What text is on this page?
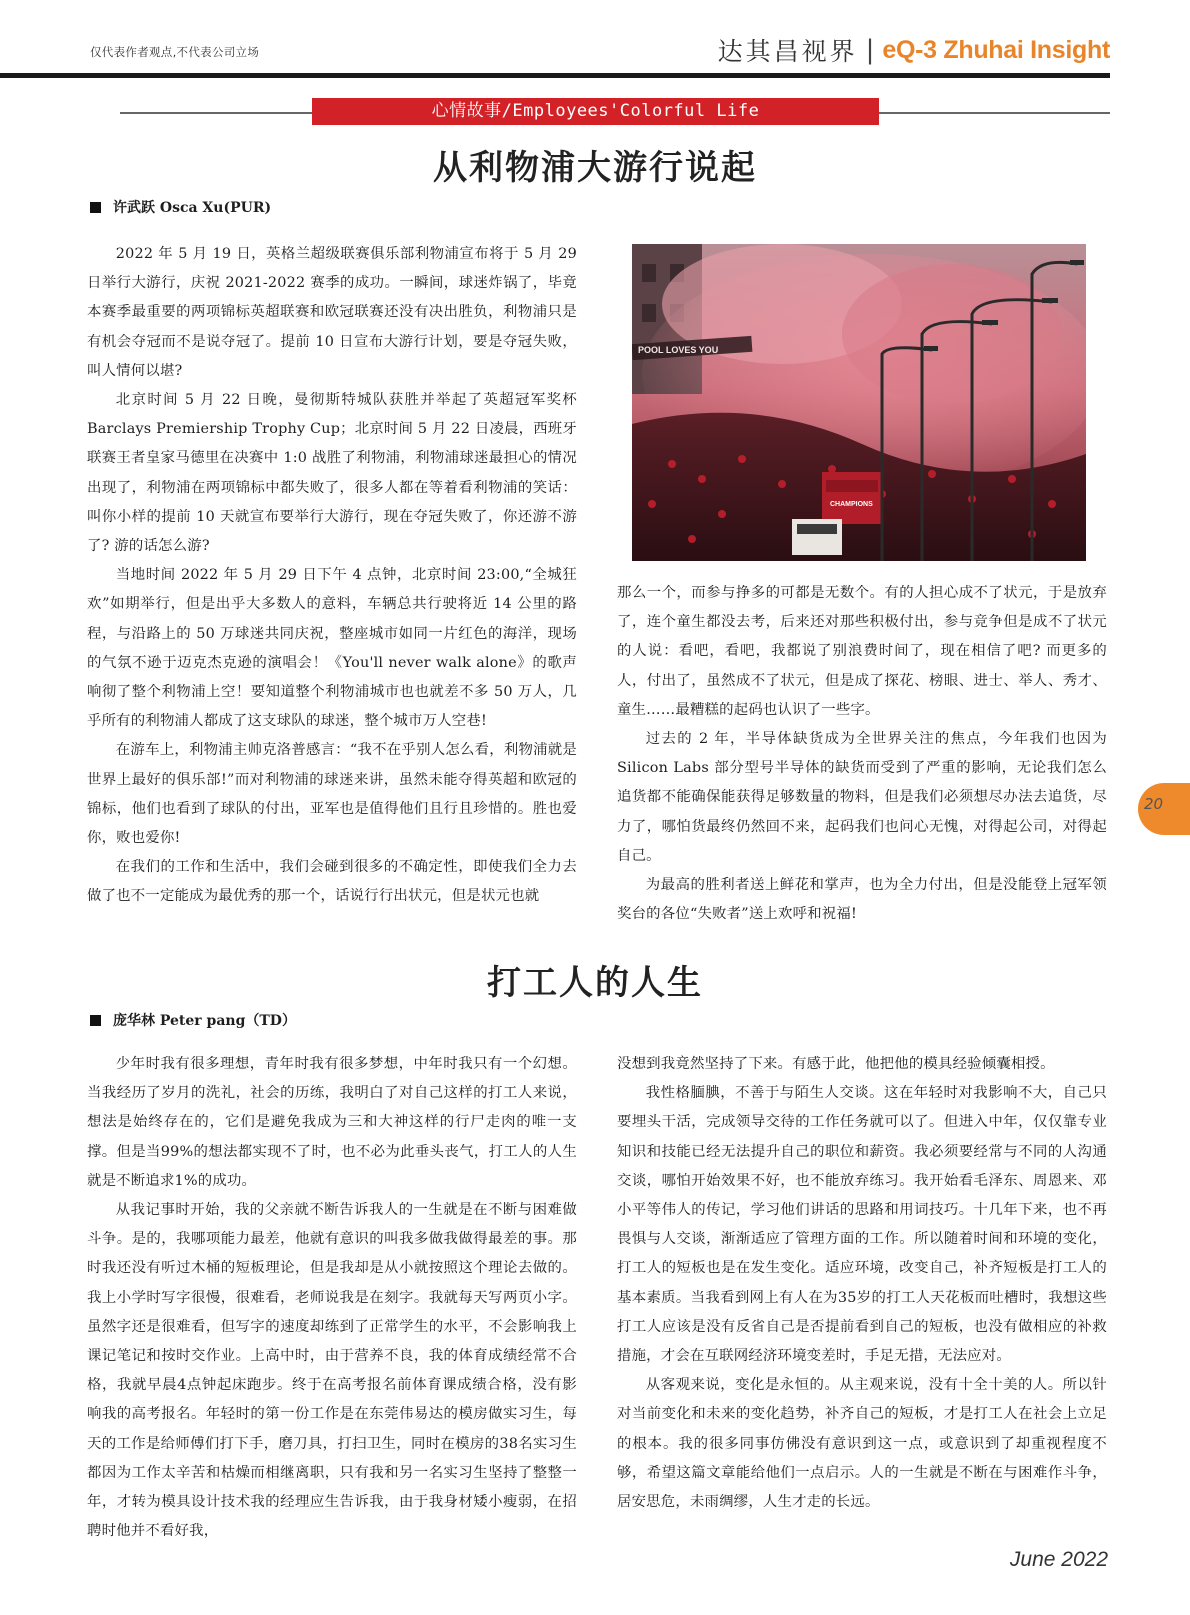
仅代表作者观点,不代表公司立场	达其昌视界 | eQ-3 Zhuhai Insight
心情故事/Employees'Colorful Life
从利物浦大游行说起
许武跃 Osca Xu(PUR)

2022 年 5 月 19 日，英格兰超级联赛俱乐部利物浦宣布将于 5 月 29 日举行大游行，庆祝 2021-2022 赛季的成功。一瞬间，球迷炸锅了，毕竟本赛季最重要的两项锦标英超联赛和欧冠联赛还没有决出胜负，利物浦只是有机会夺冠而不是说夺冠了。提前 10 日宣布大游行计划，要是夺冠失败，叫人情何以堪?

北京时间 5 月 22 日晚，曼彻斯特城队获胜并举起了英超冠军奖杯 Barclays Premiership Trophy Cup；北京时间 5 月 22 日凌晨，西班牙联赛王者皇家马德里在决赛中 1:0 战胜了利物浦，利物浦球迷最担心的情况出现了，利物浦在两项锦标中都失败了，很多人都在等着看利物浦的笑话：叫你小样的提前 10 天就宣布要举行大游行，现在夺冠失败了，你还游不游了? 游的话怎么游?

当地时间 2022 年 5 月 29 日下午 4 点钟，北京时间 23:00,“全城狂欢”如期举行，但是出乎大多数人的意料，车辆总共行驶将近 14 公里的路程，与沿路上的 50 万球迷共同庆祝，整座城市如同一片红色的海洋，现场的气氛不逊于迈克杰克逊的演唱会！《You'll never walk alone》的歌声响彻了整个利物浦上空！要知道整个利物浦城市也也就差不多 50 万人，几乎所有的利物浦人都成了这支球队的球迷，整个城市万人空巷!

在游车上，利物浦主帅克洛普感言：“我不在乎别人怎么看，利物浦就是世界上最好的俱乐部!”而对利物浦的球迷来讲，虽然未能夺得英超和欧冠的锦标，他们也看到了球队的付出，亚军也是值得他们且行且珍惜的。胜也爱你，败也爱你!

在我们的工作和生活中，我们会碰到很多的不确定性，即使我们全力去做了也不一定能成为最优秀的那一个，话说行行出状元，但是状元也就

POOL LOVES YOU
CHAMPIONS

那么一个，而参与挣多的可都是无数个。有的人担心成不了状元，于是放弃了，连个童生都没去考，后来还对那些积极付出，参与竞争但是成不了状元的人说：看吧，看吧，我都说了别浪费时间了，现在相信了吧? 而更多的人，付出了，虽然成不了状元，但是成了探花、榜眼、进士、举人、秀才、童生……最糟糕的起码也认识了一些字。

过去的 2 年，半导体缺货成为全世界关注的焦点，今年我们也因为 Silicon Labs 部分型号半导体的缺货而受到了严重的影响，无论我们怎么追货都不能确保能获得足够数量的物料，但是我们必须想尽办法去追货，尽力了，哪怕货最终仍然回不来，起码我们也问心无愧，对得起公司，对得起自己。

为最高的胜利者送上鲜花和掌声，也为全力付出，但是没能登上冠军领奖台的各位“失败者”送上欢呼和祝福!

打工人的人生
庞华林 Peter pang（TD）

少年时我有很多理想，青年时我有很多梦想，中年时我只有一个幻想。当我经历了岁月的洗礼，社会的历练，我明白了对自己这样的打工人来说，想法是始终存在的，它们是避免我成为三和大神这样的行尸走肉的唯一支撑。但是当99%的想法都实现不了时，也不必为此垂头丧气，打工人的人生就是不断追求1%的成功。

从我记事时开始，我的父亲就不断告诉我人的一生就是在不断与困难做斗争。是的，我哪项能力最差，他就有意识的叫我多做我做得最差的事。那时我还没有听过木桶的短板理论，但是我却是从小就按照这个理论去做的。我上小学时写字很慢，很难看，老师说我是在刻字。我就每天写两页小字。虽然字还是很难看，但写字的速度却练到了正常学生的水平，不会影响我上课记笔记和按时交作业。上高中时，由于营养不良，我的体育成绩经常不合格，我就早晨4点钟起床跑步。终于在高考报名前体育课成绩合格，没有影响我的高考报名。年轻时的第一份工作是在东莞伟易达的模房做实习生，每天的工作是给师傅们打下手，磨刀具，打扫卫生，同时在模房的38名实习生都因为工作太辛苦和枯燥而相继离职，只有我和另一名实习生坚持了整整一年，才转为模具设计技术我的经理应生告诉我，由于我身材矮小瘦弱，在招聘时他并不看好我，

没想到我竟然坚持了下来。有感于此，他把他的模具经验倾囊相授。

我性格腼腆，不善于与陌生人交谈。这在年轻时对我影响不大，自己只要埋头干活，完成领导交待的工作任务就可以了。但进入中年，仅仅靠专业知识和技能已经无法提升自己的职位和薪资。我必须要经常与不同的人沟通交谈，哪怕开始效果不好，也不能放弃练习。我开始看毛泽东、周恩来、邓小平等伟人的传记，学习他们讲话的思路和用词技巧。十几年下来，也不再畏惧与人交谈，渐渐适应了管理方面的工作。所以随着时间和环境的变化，打工人的短板也是在发生变化。适应环境，改变自己，补齐短板是打工人的基本素质。当我看到网上有人在为35岁的打工人天花板而吐槽时，我想这些打工人应该是没有反省自己是否提前看到自己的短板，也没有做相应的补救措施，才会在互联网经济环境变差时，手足无措，无法应对。

从客观来说，变化是永恒的。从主观来说，没有十全十美的人。所以针对当前变化和未来的变化趋势，补齐自己的短板，才是打工人在社会上立足的根本。我的很多同事仿佛没有意识到这一点，或意识到了却重视程度不够，希望这篇文章能给他们一点启示。人的一生就是不断在与困难作斗争，居安思危，未雨绸缪，人生才走的长远。

20
June 2022
